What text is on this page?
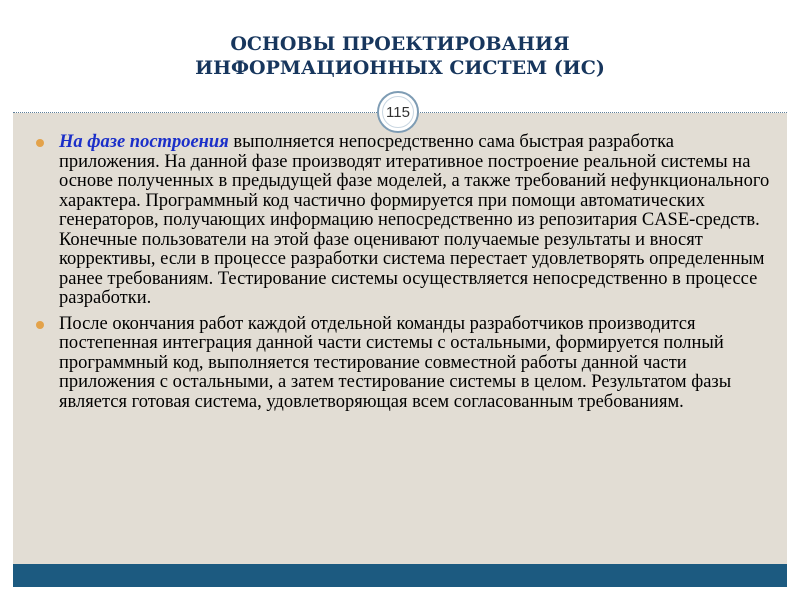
ОСНОВЫ ПРОЕКТИРОВАНИЯ
ИНФОРМАЦИОННЫХ СИСТЕМ (ИС)
115
На фазе построения выполняется непосредственно сама быстрая разработка приложения. На данной фазе производят итеративное построение реальной системы на основе полученных в предыдущей фазе моделей, а также требований нефункционального характера. Программный код частично формируется при помощи автоматических генераторов, получающих информацию непосредственно из репозитария CASE-средств. Конечные пользователи на этой фазе оценивают получаемые результаты и вносят коррективы, если в процессе разработки система перестает удовлетворять определенным ранее требованиям. Тестирование системы осуществляется непосредственно в процессе разработки.
После окончания работ каждой отдельной команды разработчиков производится постепенная интеграция данной части системы с остальными, формируется полный программный код, выполняется тестирование совместной работы данной части приложения с остальными, а затем тестирование системы в целом. Результатом фазы является готовая система, удовлетворяющая всем согласованным требованиям.
